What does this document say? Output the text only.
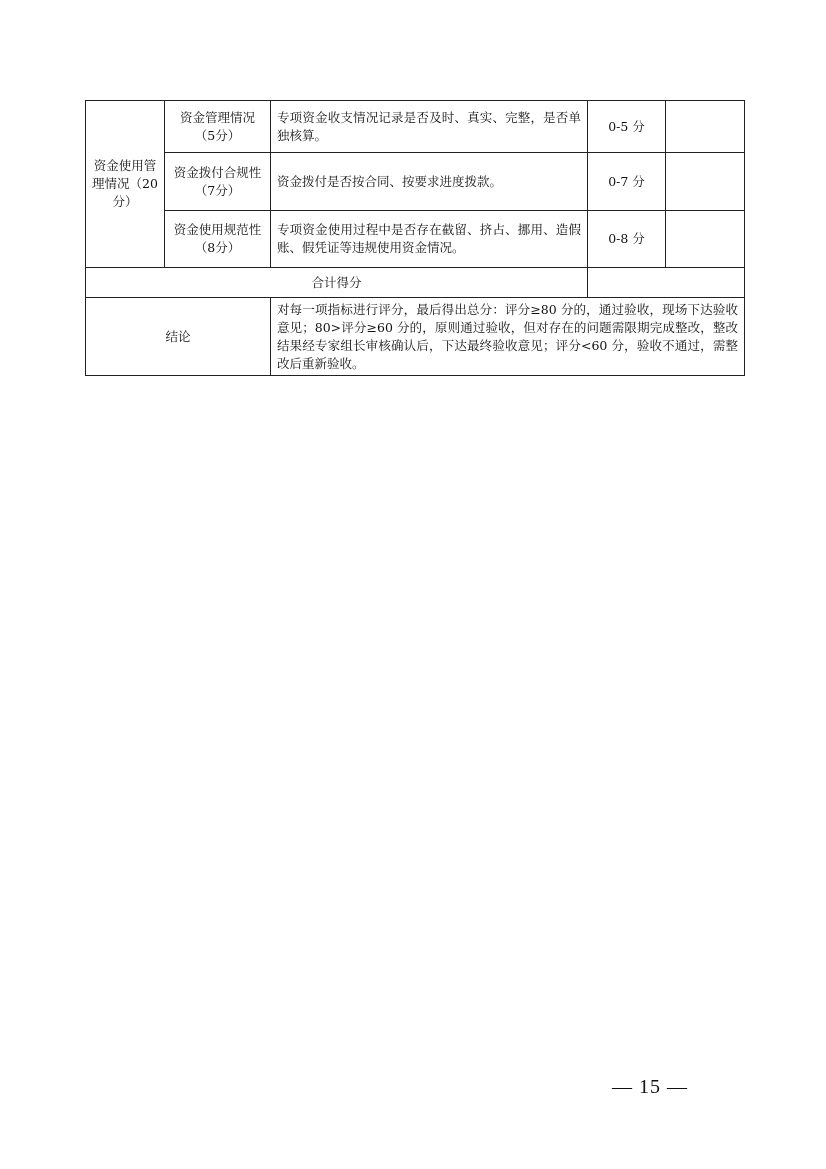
资金使用管理情况（20分）	资金管理情况（5分）	专项资金收支情况记录是否及时、真实、完整，是否单独核算。	0-5 分	
	资金拨付合规性（7分）	资金拨付是否按合同、按要求进度拨款。	0-7 分	
	资金使用规范性（8分）	专项资金使用过程中是否存在截留、挤占、挪用、造假账、假凭证等违规使用资金情况。	0-8 分	
合计得分				
结论		对每一项指标进行评分，最后得出总分：评分≥80 分的，通过验收，现场下达验收意见；80>评分≥60 分的，原则通过验收，但对存在的问题需限期完成整改，整改结果经专家组长审核确认后，下达最终验收意见；评分<60 分，验收不通过，需整改后重新验收。		
— 15 —
